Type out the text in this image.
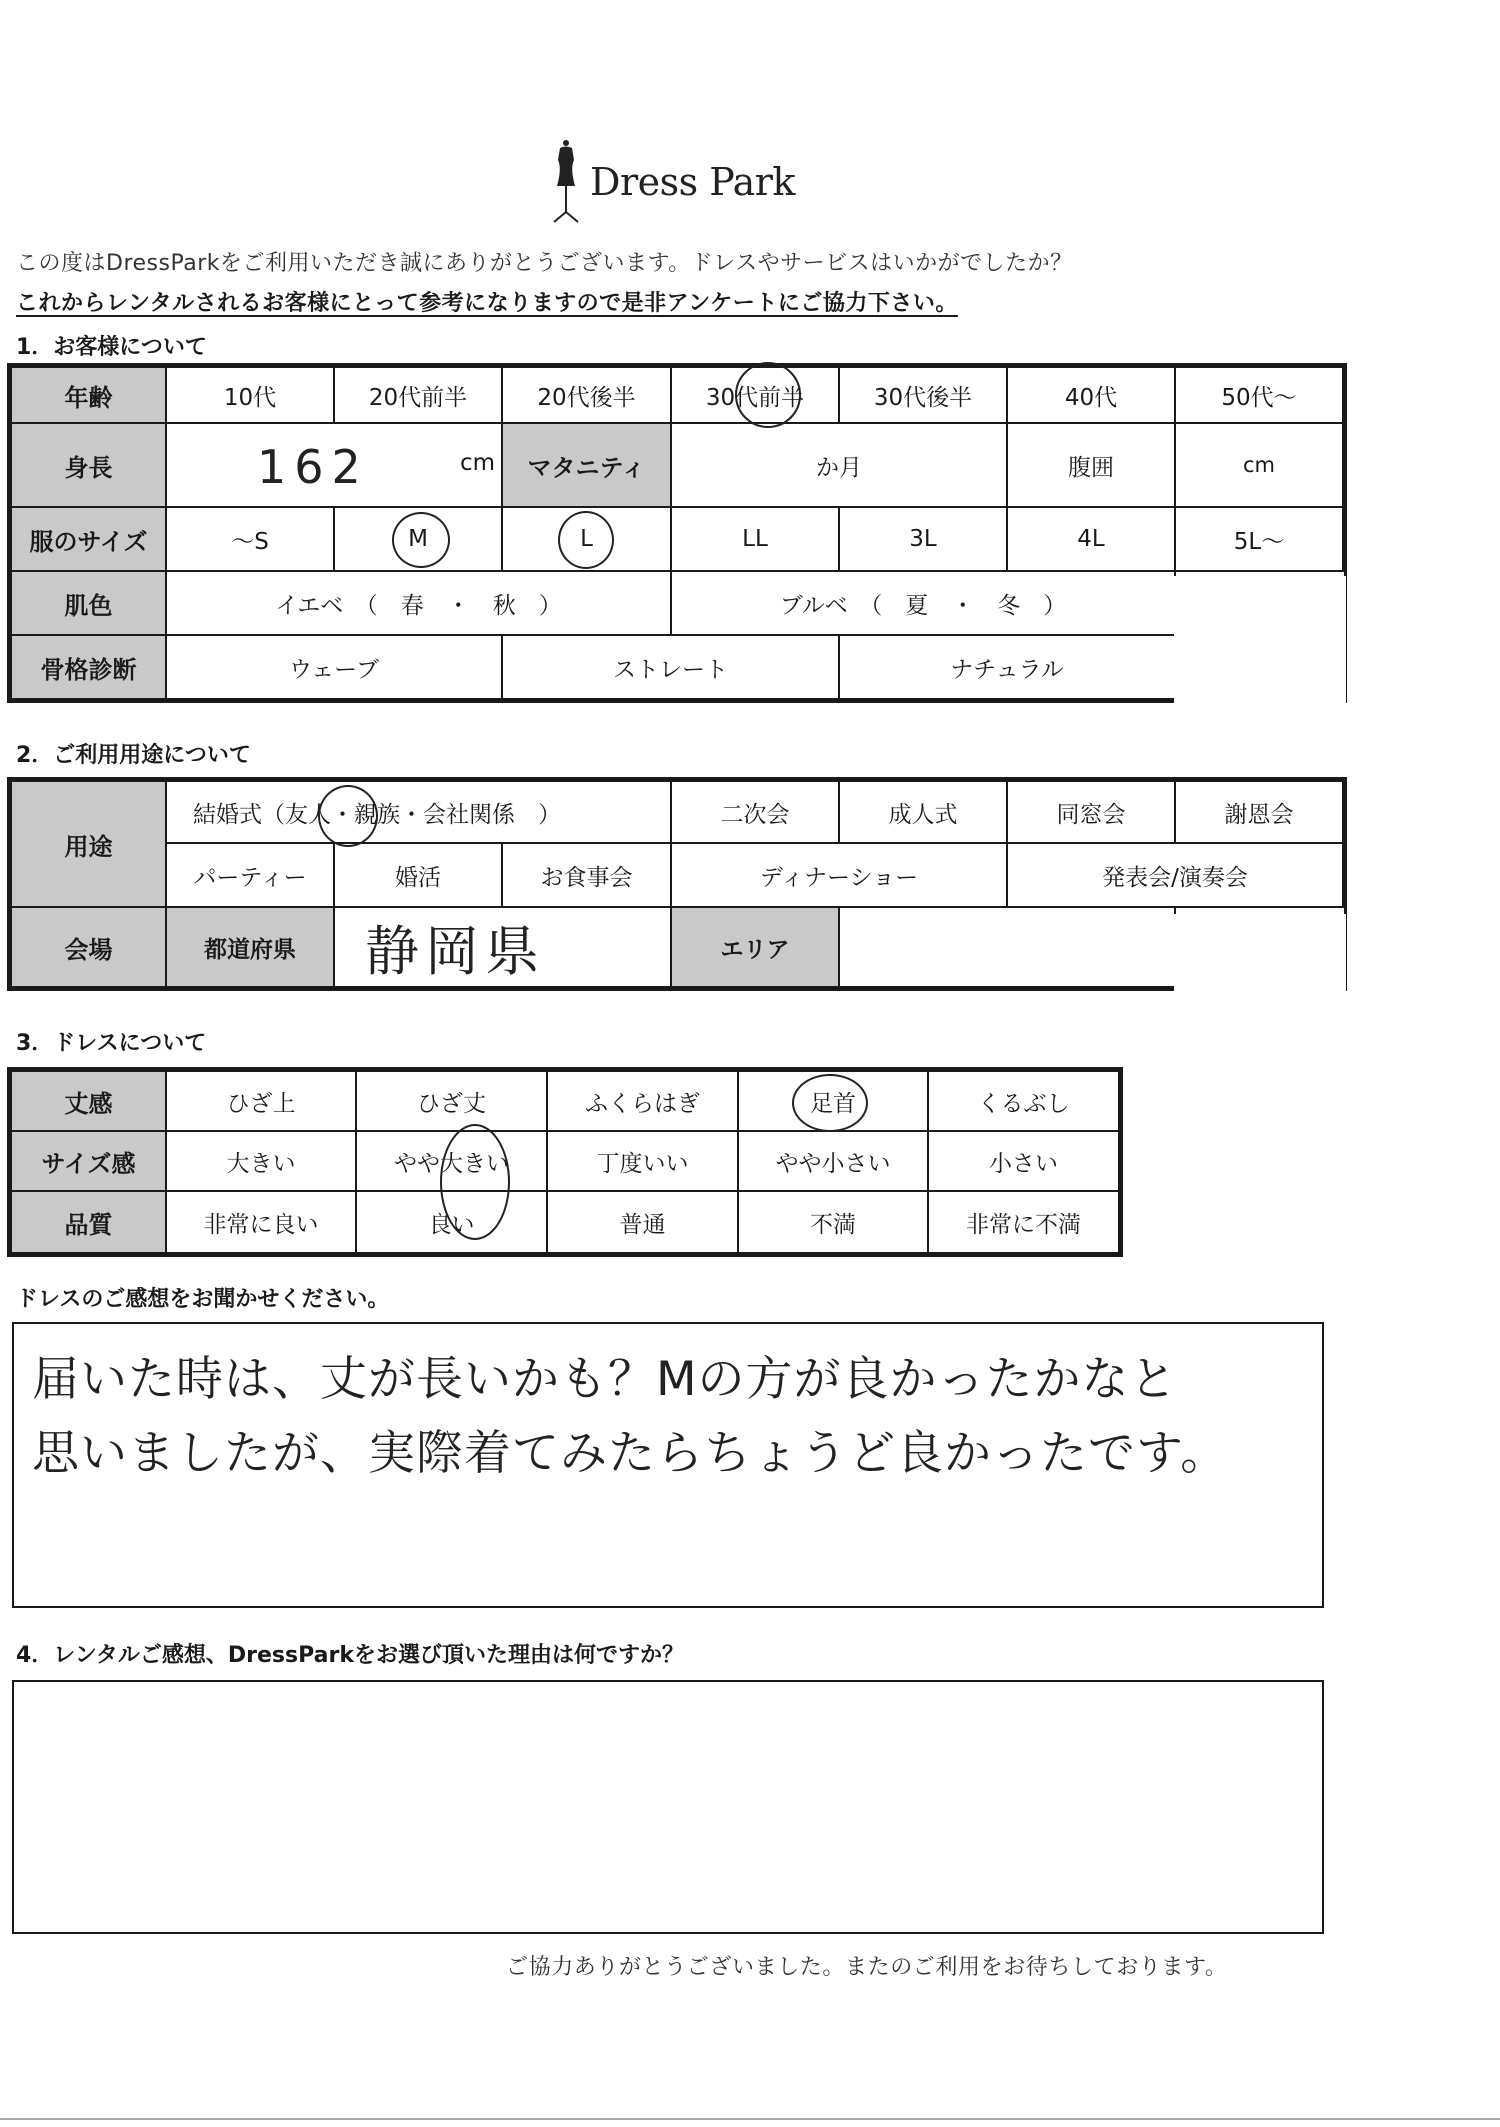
Dress Park
この度はDressParkをご利用いただき誠にありがとうございます。ドレスやサービスはいかがでしたか？
これからレンタルされるお客様にとって参考になりますので是非アンケートにご協力下さい。
1．お客様について
年齢	10代	20代前半	20代後半	30代前半	30代後半	40代	50代～
身長	162 cm		マタニティ	か月		腹囲	cm
服のサイズ	～S	M	L	LL	3L	4L	5L～
肌色	イエベ　（　春　・　秋　）			ブルベ　（　夏　・　冬　）			
骨格診断	ウェーブ		ストレート		ナチュラル		
2．ご利用用途について
用途	結婚式（友人・親族・会社関係　）			二次会	成人式	同窓会	謝恩会
	パーティー	婚活	お食事会	ディナーショー		発表会/演奏会	
会場	都道府県	静岡県		エリア			
3．ドレスについて
丈感	ひざ上	ひざ丈	ふくらはぎ	足首	くるぶし
サイズ感	大きい	やや大きい	丁度いい	やや小さい	小さい
品質	非常に良い	良い	普通	不満	非常に不満
ドレスのご感想をお聞かせください。
届いた時は、丈が長いかも？Mの方が良かったかなと
思いましたが、実際着てみたらちょうど良かったです。
4．レンタルご感想、DressParkをお選び頂いた理由は何ですか？
ご協力ありがとうございました。またのご利用をお待ちしております。
